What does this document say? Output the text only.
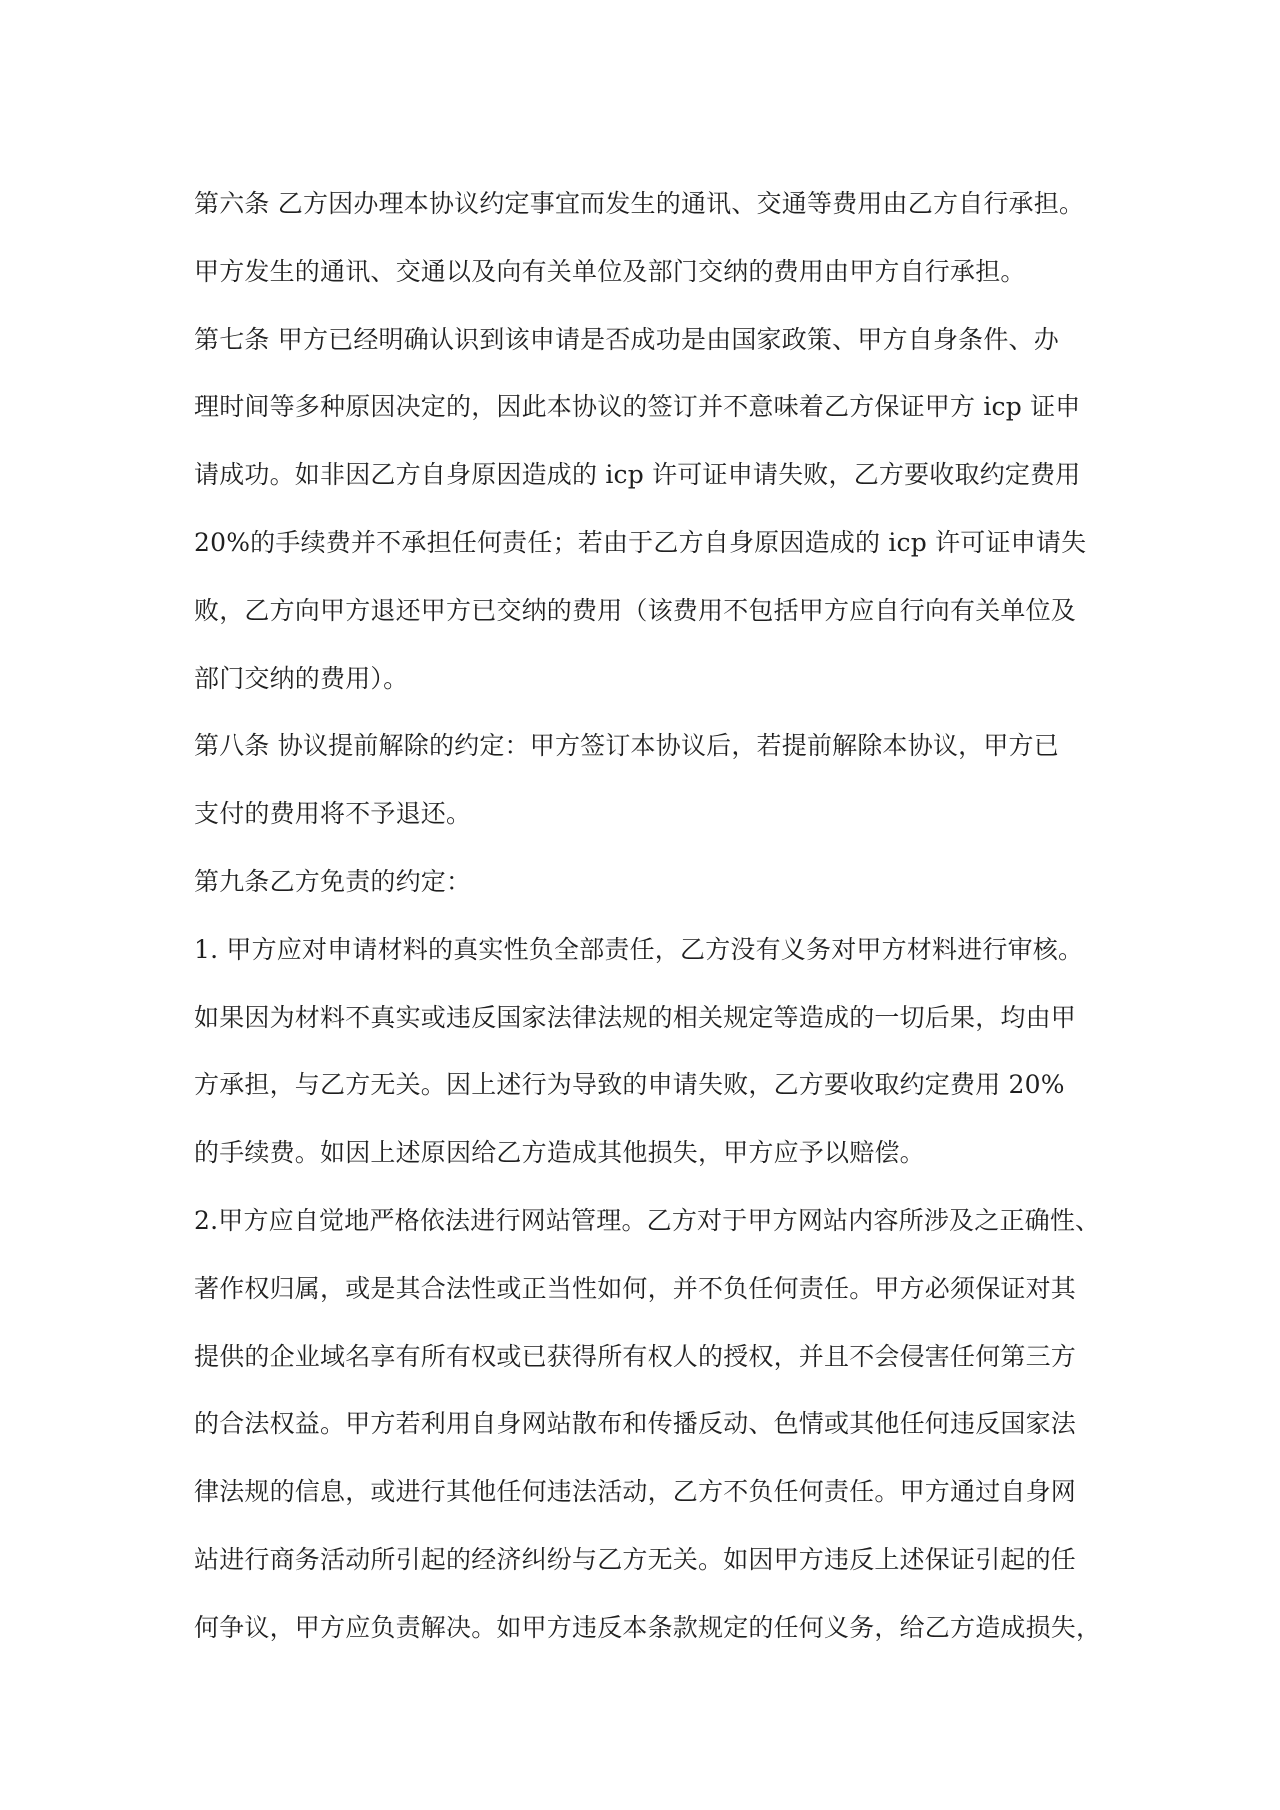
第六条 乙方因办理本协议约定事宜而发生的通讯、交通等费用由乙方自行承担。
甲方发生的通讯、交通以及向有关单位及部门交纳的费用由甲方自行承担。
第七条 甲方已经明确认识到该申请是否成功是由国家政策、甲方自身条件、办
理时间等多种原因决定的，因此本协议的签订并不意味着乙方保证甲方 icp 证申
请成功。如非因乙方自身原因造成的 icp 许可证申请失败，乙方要收取约定费用
20%的手续费并不承担任何责任；若由于乙方自身原因造成的 icp 许可证申请失
败，乙方向甲方退还甲方已交纳的费用（该费用不包括甲方应自行向有关单位及
部门交纳的费用）。
第八条 协议提前解除的约定：甲方签订本协议后，若提前解除本协议，甲方已
支付的费用将不予退还。
第九条乙方免责的约定：
1. 甲方应对申请材料的真实性负全部责任，乙方没有义务对甲方材料进行审核。
如果因为材料不真实或违反国家法律法规的相关规定等造成的一切后果，均由甲
方承担，与乙方无关。因上述行为导致的申请失败，乙方要收取约定费用 20%
的手续费。如因上述原因给乙方造成其他损失，甲方应予以赔偿。
2.甲方应自觉地严格依法进行网站管理。乙方对于甲方网站内容所涉及之正确性、
著作权归属，或是其合法性或正当性如何，并不负任何责任。甲方必须保证对其
提供的企业域名享有所有权或已获得所有权人的授权，并且不会侵害任何第三方
的合法权益。甲方若利用自身网站散布和传播反动、色情或其他任何违反国家法
律法规的信息，或进行其他任何违法活动，乙方不负任何责任。甲方通过自身网
站进行商务活动所引起的经济纠纷与乙方无关。如因甲方违反上述保证引起的任
何争议，甲方应负责解决。如甲方违反本条款规定的任何义务，给乙方造成损失，
